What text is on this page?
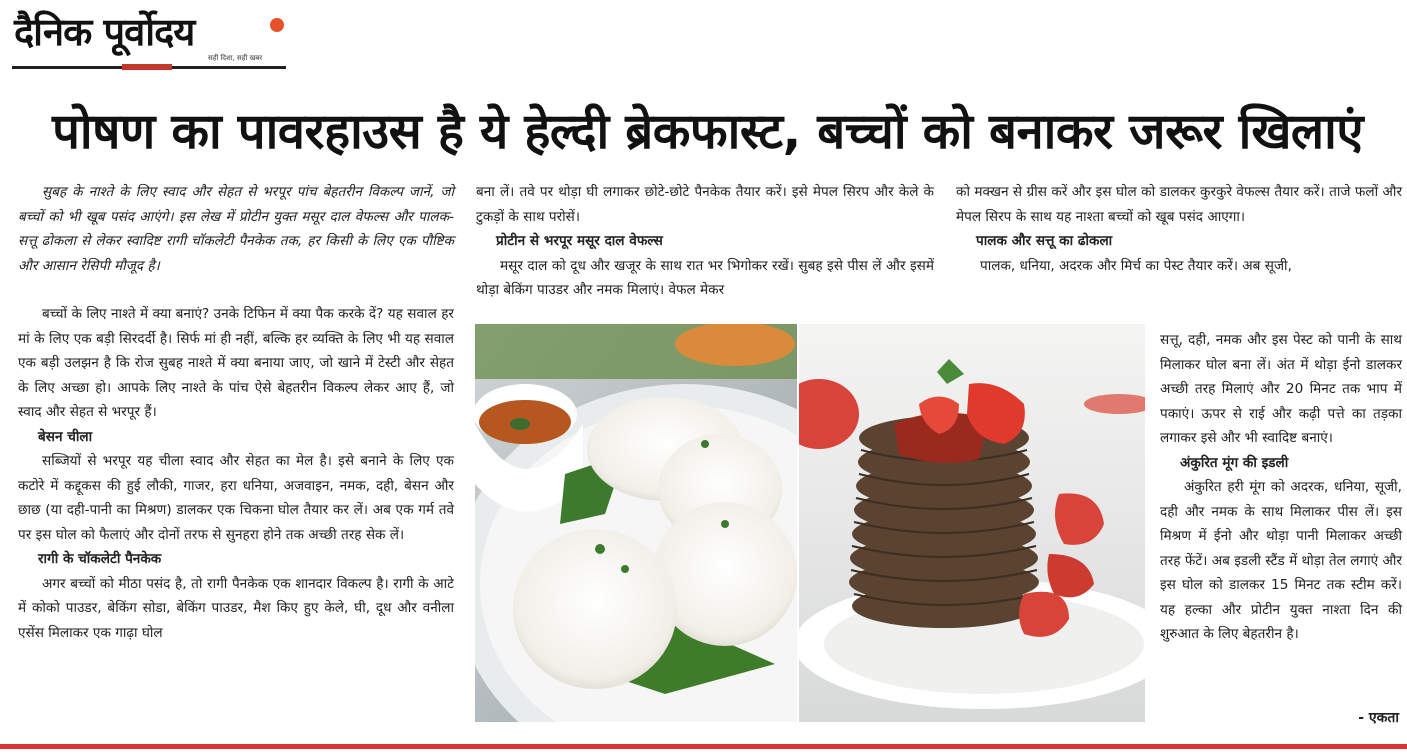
दैनिक पूर्वोदय
सही दिशा, सही खबर
पोषण का पावरहाउस है ये हेल्दी ब्रेकफास्ट, बच्चों को बनाकर जरूर खिलाएं

सुबह के नाश्ते के लिए स्वाद और सेहत से भरपूर पांच बेहतरीन विकल्प जानें, जो बच्चों को भी खूब पसंद आएंगे। इस लेख में प्रोटीन युक्त मसूर दाल वेफल्स और पालक-सत्तू ढोकला से लेकर स्वादिष्ट रागी चॉकलेटी पैनकेक तक, हर किसी के लिए एक पौष्टिक और आसान रेसिपी मौजूद है।

बच्चों के लिए नाश्ते में क्या बनाएं? उनके टिफिन में क्या पैक करके दें? यह सवाल हर मां के लिए एक बड़ी सिरदर्दी है। सिर्फ मां ही नहीं, बल्कि हर व्यक्ति के लिए भी यह सवाल एक बड़ी उलझन है कि रोज सुबह नाश्ते में क्या बनाया जाए, जो खाने में टेस्टी और सेहत के लिए अच्छा हो। आपके लिए नाश्ते के पांच ऐसे बेहतरीन विकल्प लेकर आए हैं, जो स्वाद और सेहत से भरपूर हैं।

बेसन चीला

सब्जियों से भरपूर यह चीला स्वाद और सेहत का मेल है। इसे बनाने के लिए एक कटोरे में कद्दूकस की हुई लौकी, गाजर, हरा धनिया, अजवाइन, नमक, दही, बेसन और छाछ (या दही-पानी का मिश्रण) डालकर एक चिकना घोल तैयार कर लें। अब एक गर्म तवे पर इस घोल को फैलाएं और दोनों तरफ से सुनहरा होने तक अच्छी तरह सेक लें।

रागी के चॉकलेटी पैनकेक

अगर बच्चों को मीठा पसंद है, तो रागी पैनकेक एक शानदार विकल्प है। रागी के आटे में कोको पाउडर, बेकिंग सोडा, बेकिंग पाउडर, मैश किए हुए केले, घी, दूध और वनीला एसेंस मिलाकर एक गाढ़ा घोल

बना लें। तवे पर थोड़ा घी लगाकर छोटे-छोटे पैनकेक तैयार करें। इसे मेपल सिरप और केले के टुकड़ों के साथ परोसें।

प्रोटीन से भरपूर मसूर दाल वेफल्स

मसूर दाल को दूध और खजूर के साथ रात भर भिगोकर रखें। सुबह इसे पीस लें और इसमें थोड़ा बेकिंग पाउडर और नमक मिलाएं। वेफल मेकर

को मक्खन से ग्रीस करें और इस घोल को डालकर कुरकुरे वेफल्स तैयार करें। ताजे फलों और मेपल सिरप के साथ यह नाश्ता बच्चों को खूब पसंद आएगा।

पालक और सत्तू का ढोकला

पालक, धनिया, अदरक और मिर्च का पेस्ट तैयार करें। अब सूजी,

सत्तू, दही, नमक और इस पेस्ट को पानी के साथ मिलाकर घोल बना लें। अंत में थोड़ा ईनो डालकर अच्छी तरह मिलाएं और 20 मिनट तक भाप में पकाएं। ऊपर से राई और कढ़ी पत्ते का तड़का लगाकर इसे और भी स्वादिष्ट बनाएं।

अंकुरित मूंग की इडली

अंकुरित हरी मूंग को अदरक, धनिया, सूजी, दही और नमक के साथ मिलाकर पीस लें। इस मिश्रण में ईनो और थोड़ा पानी मिलाकर अच्छी तरह फेंटें। अब इडली स्टैंड में थोड़ा तेल लगाएं और इस घोल को डालकर 15 मिनट तक स्टीम करें। यह हल्का और प्रोटीन युक्त नाश्ता दिन की शुरुआत के लिए बेहतरीन है।

- एकता
